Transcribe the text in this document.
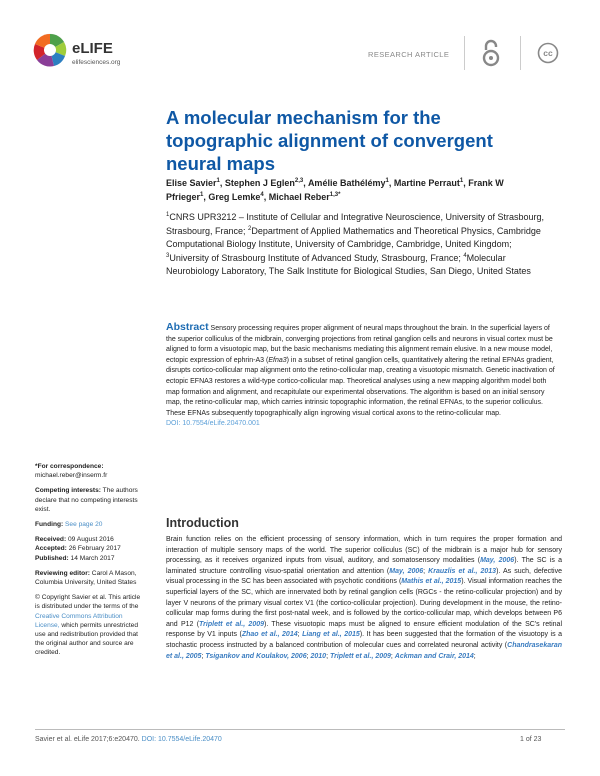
eLIFE
elifesciences.org
RESEARCH ARTICLE	cc
A molecular mechanism for the topographic alignment of convergent neural maps
Elise Savier$^1$, Stephen J Eglen$^{2,3}$, Amélie Bathélémy$^1$, Martine Perraut$^1$, Frank W Pfrieger$^1$, Greg Lemke$^4$, Michael Reber$^{1,3*}$
$^1$CNRS UPR3212 – Institute of Cellular and Integrative Neuroscience, University of Strasbourg, Strasbourg, France; $^2$Department of Applied Mathematics and Theoretical Physics, Cambridge Computational Biology Institute, University of Cambridge, Cambridge, United Kingdom; $^3$University of Strasbourg Institute of Advanced Study, Strasbourg, France; $^4$Molecular Neurobiology Laboratory, The Salk Institute for Biological Studies, San Diego, United States
Abstract Sensory processing requires proper alignment of neural maps throughout the brain. In the superficial layers of the superior colliculus of the midbrain, converging projections from retinal ganglion cells and neurons in visual cortex must be aligned to form a visuotopic map, but the basic mechanisms mediating this alignment remain elusive. In a new mouse model, ectopic expression of ephrin-A3 (Efna3) in a subset of retinal ganglion cells, quantitatively altering the retinal EFNAs gradient, disrupts cortico-collicular map alignment onto the retino-collicular map, creating a visuotopic mismatch. Genetic inactivation of ectopic EFNA3 restores a wild-type cortico-collicular map. Theoretical analyses using a new mapping algorithm model both map formation and alignment, and recapitulate our experimental observations. The algorithm is based on an initial sensory map, the retino-collicular map, which carries intrinsic topographic information, the retinal EFNAs, to the superior colliculus. These EFNAs subsequently topographically align ingrowing visual cortical axons to the retino-collicular map.
DOI: 10.7554/eLife.20470.001

*For correspondence: michael.reber@inserm.fr

Competing interests: The authors declare that no competing interests exist.

Funding: See page 20

Received: 09 August 2016
Accepted: 26 February 2017
Published: 14 March 2017

Reviewing editor: Carol A Mason, Columbia University, United States

© Copyright Savier et al. This article is distributed under the terms of the Creative Commons Attribution License, which permits unrestricted use and redistribution provided that the original author and source are credited.

Introduction
Brain function relies on the efficient processing of sensory information, which in turn requires the proper formation and interaction of multiple sensory maps of the world. The superior colliculus (SC) of the midbrain is a major hub for sensory processing, as it receives organized inputs from visual, auditory, and somatosensory modalities (May, 2006). The SC is a laminated structure controlling visuo-spatial orientation and attention (May, 2006; Krauzlis et al., 2013). As such, defective visual processing in the SC has been associated with psychotic conditions (Mathis et al., 2015). Visual information reaches the superficial layers of the SC, which are innervated both by retinal ganglion cells (RGCs - the retino-collicular projection) and by layer V neurons of the primary visual cortex V1 (the cortico-collicular projection). During development in the mouse, the retino-collicular map forms during the first post-natal week, and is followed by the cortico-collicular map, which develops between P6 and P12 (Triplett et al., 2009). These visuotopic maps must be aligned to ensure efficient modulation of the SC's retinal response by V1 inputs (Zhao et al., 2014; Liang et al., 2015). It has been suggested that the formation of the visuotopy is a stochastic process instructed by a balanced contribution of molecular cues and correlated neuronal activity (Chandrasekaran et al., 2005; Tsigankov and Koulakov, 2006; 2010; Triplett et al., 2009; Ackman and Crair, 2014;
Savier et al. eLife 2017;6:e20470. DOI: 10.7554/eLife.20470	1 of 23
